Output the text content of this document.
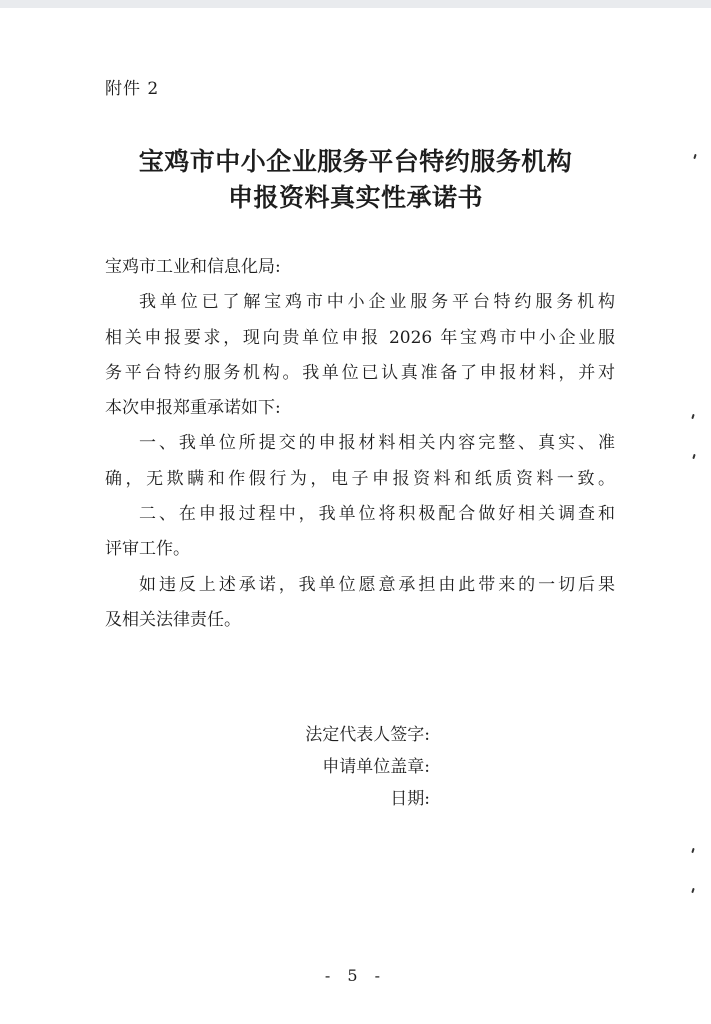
附件 2
宝鸡市中小企业服务平台特约服务机构
申报资料真实性承诺书

宝鸡市工业和信息化局:

我单位已了解宝鸡市中小企业服务平台特约服务机构

相关申报要求，现向贵单位申报 2026 年宝鸡市中小企业服

务平台特约服务机构。我单位已认真准备了申报材料，并对

本次申报郑重承诺如下:

一、我单位所提交的申报材料相关内容完整、真实、准

确，无欺瞒和作假行为，电子申报资料和纸质资料一致。

二、在申报过程中，我单位将积极配合做好相关调查和

评审工作。

如违反上述承诺，我单位愿意承担由此带来的一切后果

及相关法律责任。

法定代表人签字:
申请单位盖章:
日期:
- 5 -
